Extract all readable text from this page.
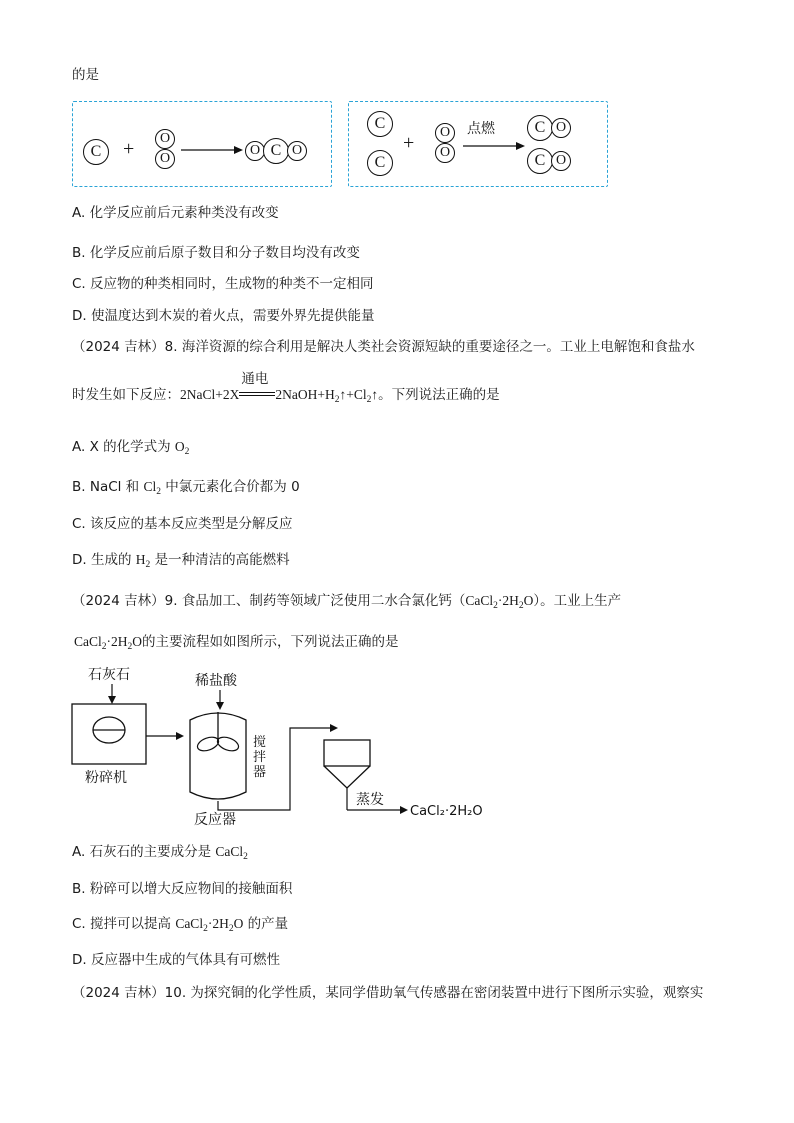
的是
C	+	O
O
O C O
C
C
+	O
O
点燃	C O
C O
A. 化学反应前后元素种类没有改变
B. 化学反应前后原子数目和分子数目均没有改变
C. 反应物的种类相同时，生成物的种类不一定相同
D. 使温度达到木炭的着火点，需要外界先提供能量
（2024 吉林）8. 海洋资源的综合利用是解决人类社会资源短缺的重要途径之一。工业上电解饱和食盐水
时发生如下反应：2NaCl+2X
通电
$2NaOH+H_2↑+Cl_2↑$。下列说法正确的是
A. X 的化学式为 $O_2$
B. NaCl 和 $Cl_2$ 中氯元素化合价都为 0
C. 该反应的基本反应类型是分解反应
D. 生成的 $H_2$ 是一种清洁的高能燃料
（2024 吉林）9. 食品加工、制药等领域广泛使用二水合氯化钙$(CaCl_2\cdot 2H_2O)$。工业上生产
$CaCl_2\cdot 2H_2O$的主要流程如如图所示，下列说法正确的是
石灰石
粉碎机
稀盐酸
搅
拌
器
反应器
蒸发
CaCl₂·2H₂O
A. 石灰石的主要成分是 CaCl$_2$
B. 粉碎可以增大反应物间的接触面积
C. 搅拌可以提高 $CaCl_2\cdot 2H_2O$ 的产量
D. 反应器中生成的气体具有可燃性
（2024 吉林）10. 为探究铜的化学性质，某同学借助氧气传感器在密闭装置中进行下图所示实验，观察实
